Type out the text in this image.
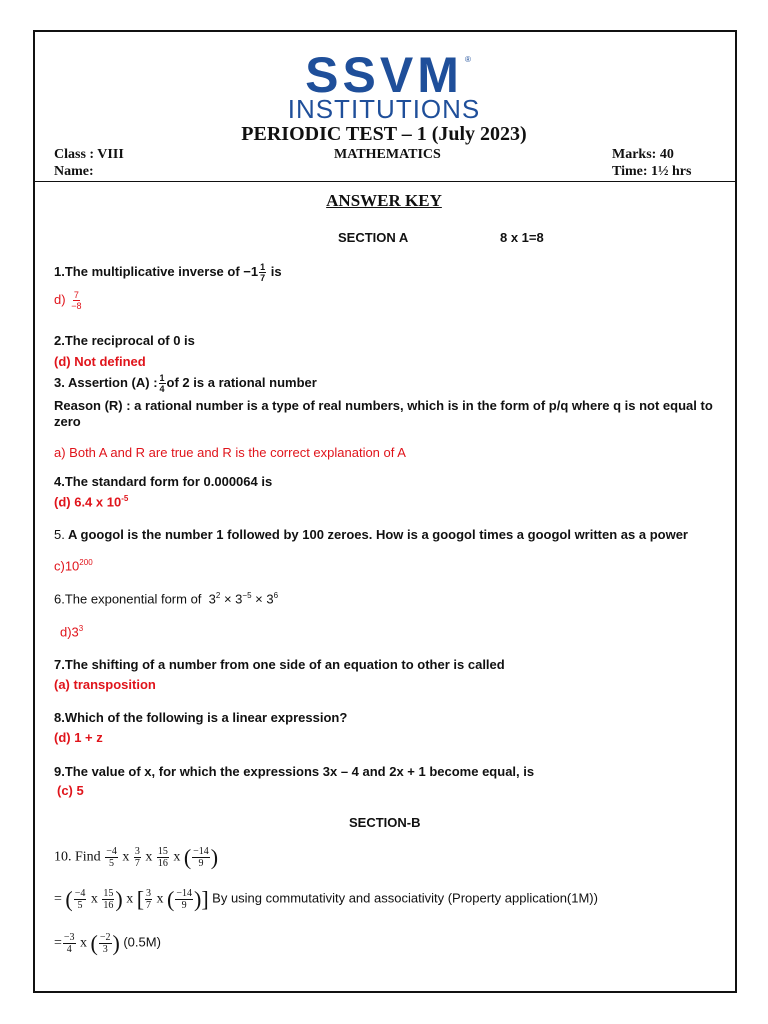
SSVM ®
INSTITUTIONS
PERIODIC TEST – 1 (July 2023)
Class : VIII	MATHEMATICS	Marks: 40
Name:	Time: 1½ hrs
ANSWER KEY
SECTION A	8 x 1=8
1.The multiplicative inverse of $-1 \frac{1}{7}$ is
$d) \frac{7}{-8}$
2.The reciprocal of 0 is
(d) Not defined
3. Assertion (A) : $\frac{1}{4}$ of 2 is a rational number
Reason (R) : a rational number is a type of real numbers, which is in the form of p/q where q is not equal to zero
a) Both A and R are true and R is the correct explanation of A
4.The standard form for 0.000064 is
(d) 6.4 x $10^{-5}$
5. A googol is the number 1 followed by 100 zeroes. How is a googol times a googol written as a power
$c)10^{200}$
6.The exponential form of $3^2 \times 3^{-5} \times 3^6$
$d)3^3$
7.The shifting of a number from one side of an equation to other is called
(a) transposition
8.Which of the following is a linear expression?
(d) 1 + z
9.The value of x, for which the expressions 3x – 4 and 2x + 1 become equal, is
(c) 5
SECTION-B
10. Find $\frac{-4}{5}$ x $\frac{3}{7}$ x $\frac{15}{16}$ x ( $\frac{-14}{9}$ )
= ( $\frac{-4}{5}$ x $\frac{15}{16}$ ) x [ $\frac{3}{7}$ x ( $\frac{-14}{9}$ )] By using commutativity and associativity (Property application(1M))
= $\frac{-3}{4}$ x ( $\frac{-2}{3}$ ) (0.5M)
